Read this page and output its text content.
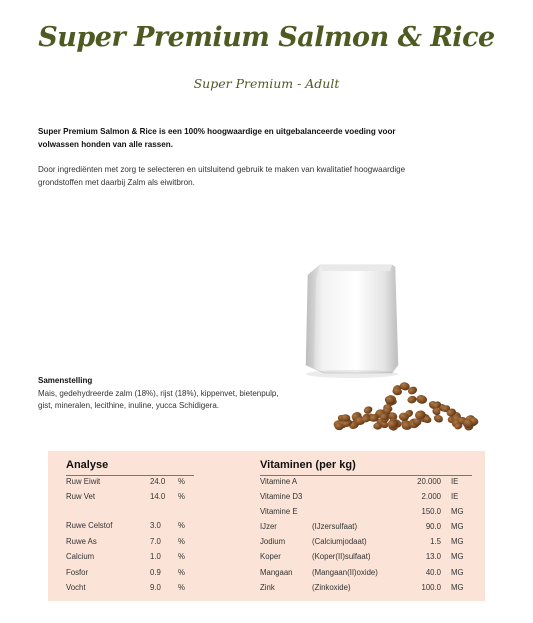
Super Premium Salmon & Rice
Super Premium - Adult
Super Premium Salmon & Rice is een 100% hoogwaardige en uitgebalanceerde voeding voor volwassen honden van alle rassen.
Door ingrediënten met zorg te selecteren en uitsluitend gebruik te maken van kwalitatief hoogwaardige grondstoffen met daarbij Zalm als eiwitbron.
Samenstelling
Mais, gedehydreerde zalm (18%), rijst (18%), kippenvet, bietenpulp, gist, mineralen, lecithine, inuline, yucca Schidigera.
Analyse
Ruw Eiwit	24.0 %
Ruw Vet	14.0 %
Ruwe Celstof	3.0 %
Ruwe As	7.0 %
Calcium	1.0 %
Fosfor	0.9 %
Vocht	9.0 %
Vitaminen (per kg)
Vitamine A	20.000 IE
Vitamine D3	2.000 IE
Vitamine E	150.0 MG
IJzer	(IJzersulfaat)	90.0 MG
Jodium	(Calciumjodaat)	1.5 MG
Koper	(Koper(II)sulfaat)	13.0 MG
Mangaan (Mangaan(II)oxide)	40.0 MG
Zink	(Zinkoxide)	100.0 MG
